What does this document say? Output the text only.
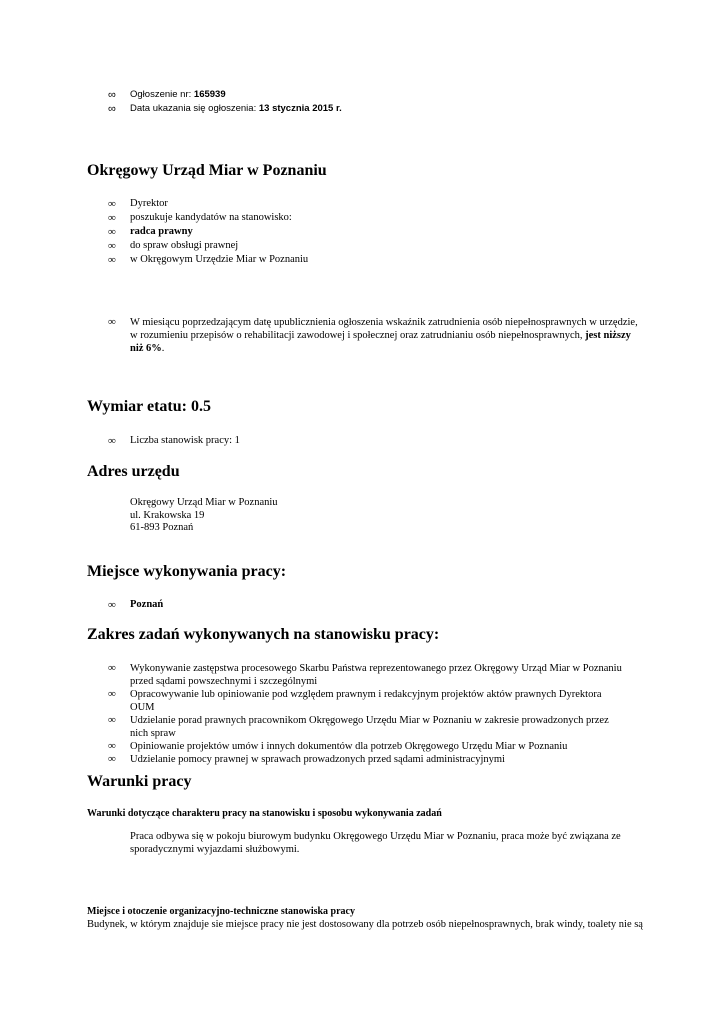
∞ Ogłoszenie nr: 165939
∞ Data ukazania się ogłoszenia: 13 stycznia 2015 r.
Okręgowy Urząd Miar w Poznaniu
∞ Dyrektor
∞ poszukuje kandydatów na stanowisko:
∞ radca prawny
∞ do spraw obsługi prawnej
∞ w Okręgowym Urzędzie Miar w Poznaniu
∞ W miesiącu poprzedzającym datę upublicznienia ogłoszenia wskaźnik zatrudnienia osób niepełnosprawnych w urzędzie, w rozumieniu przepisów o rehabilitacji zawodowej i społecznej oraz zatrudnianiu osób niepełnosprawnych, jest niższy niż 6%.
Wymiar etatu: 0.5
∞ Liczba stanowisk pracy: 1
Adres urzędu
Okręgowy Urząd Miar w Poznaniu
ul. Krakowska 19
61-893 Poznań
Miejsce wykonywania pracy:
∞ Poznań
Zakres zadań wykonywanych na stanowisku pracy:
∞ Wykonywanie zastępstwa procesowego Skarbu Państwa reprezentowanego przez Okręgowy Urząd Miar w Poznaniu przed sądami powszechnymi i szczególnymi
∞ Opracowywanie lub opiniowanie pod względem prawnym i redakcyjnym projektów aktów prawnych Dyrektora OUM
∞ Udzielanie porad prawnych pracownikom Okręgowego Urzędu Miar w Poznaniu w zakresie prowadzonych przez nich spraw
∞ Opiniowanie projektów umów i innych dokumentów dla potrzeb Okręgowego Urzędu Miar w Poznaniu
∞ Udzielanie pomocy prawnej w sprawach prowadzonych przed sądami administracyjnymi
Warunki pracy
Warunki dotyczące charakteru pracy na stanowisku i sposobu wykonywania zadań
Praca odbywa się w pokoju biurowym budynku Okręgowego Urzędu Miar w Poznaniu, praca może być związana ze sporadycznymi wyjazdami służbowymi.
Miejsce i otoczenie organizacyjno-techniczne stanowiska pracy
Budynek, w którym znajduje sie miejsce pracy nie jest dostosowany dla potrzeb osób niepełnosprawnych, brak windy, toalety nie są
